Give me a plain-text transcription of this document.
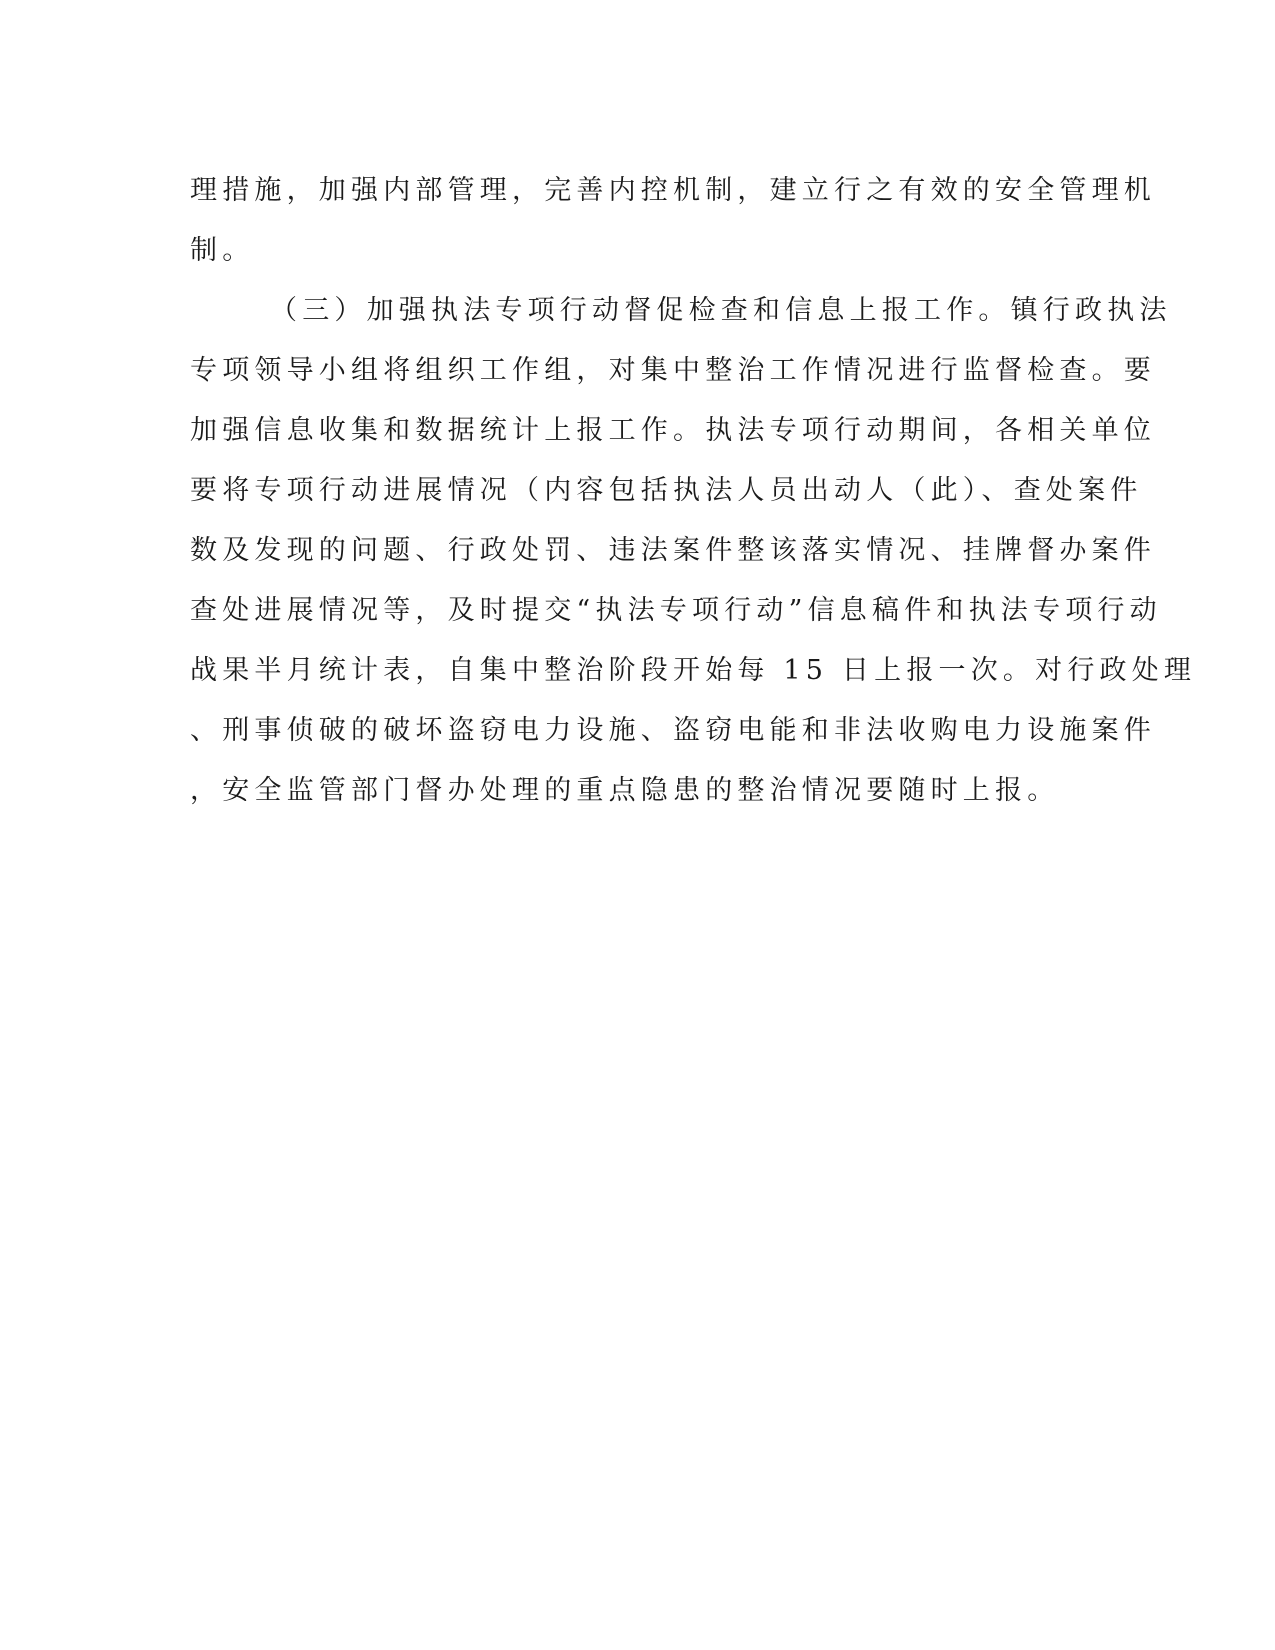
理措施，加强内部管理，完善内控机制，建立行之有效的安全管理机
制。
（三）加强执法专项行动督促检查和信息上报工作。镇行政执法
专项领导小组将组织工作组，对集中整治工作情况进行监督检查。要
加强信息收集和数据统计上报工作。执法专项行动期间，各相关单位
要将专项行动进展情况（内容包括执法人员出动人（此）、查处案件
数及发现的问题、行政处罚、违法案件整该落实情况、挂牌督办案件
查处进展情况等，及时提交“执法专项行动”信息稿件和执法专项行动
战果半月统计表，自集中整治阶段开始每 15 日上报一次。对行政处理
、刑事侦破的破坏盗窃电力设施、盗窃电能和非法收购电力设施案件
，安全监管部门督办处理的重点隐患的整治情况要随时上报。
